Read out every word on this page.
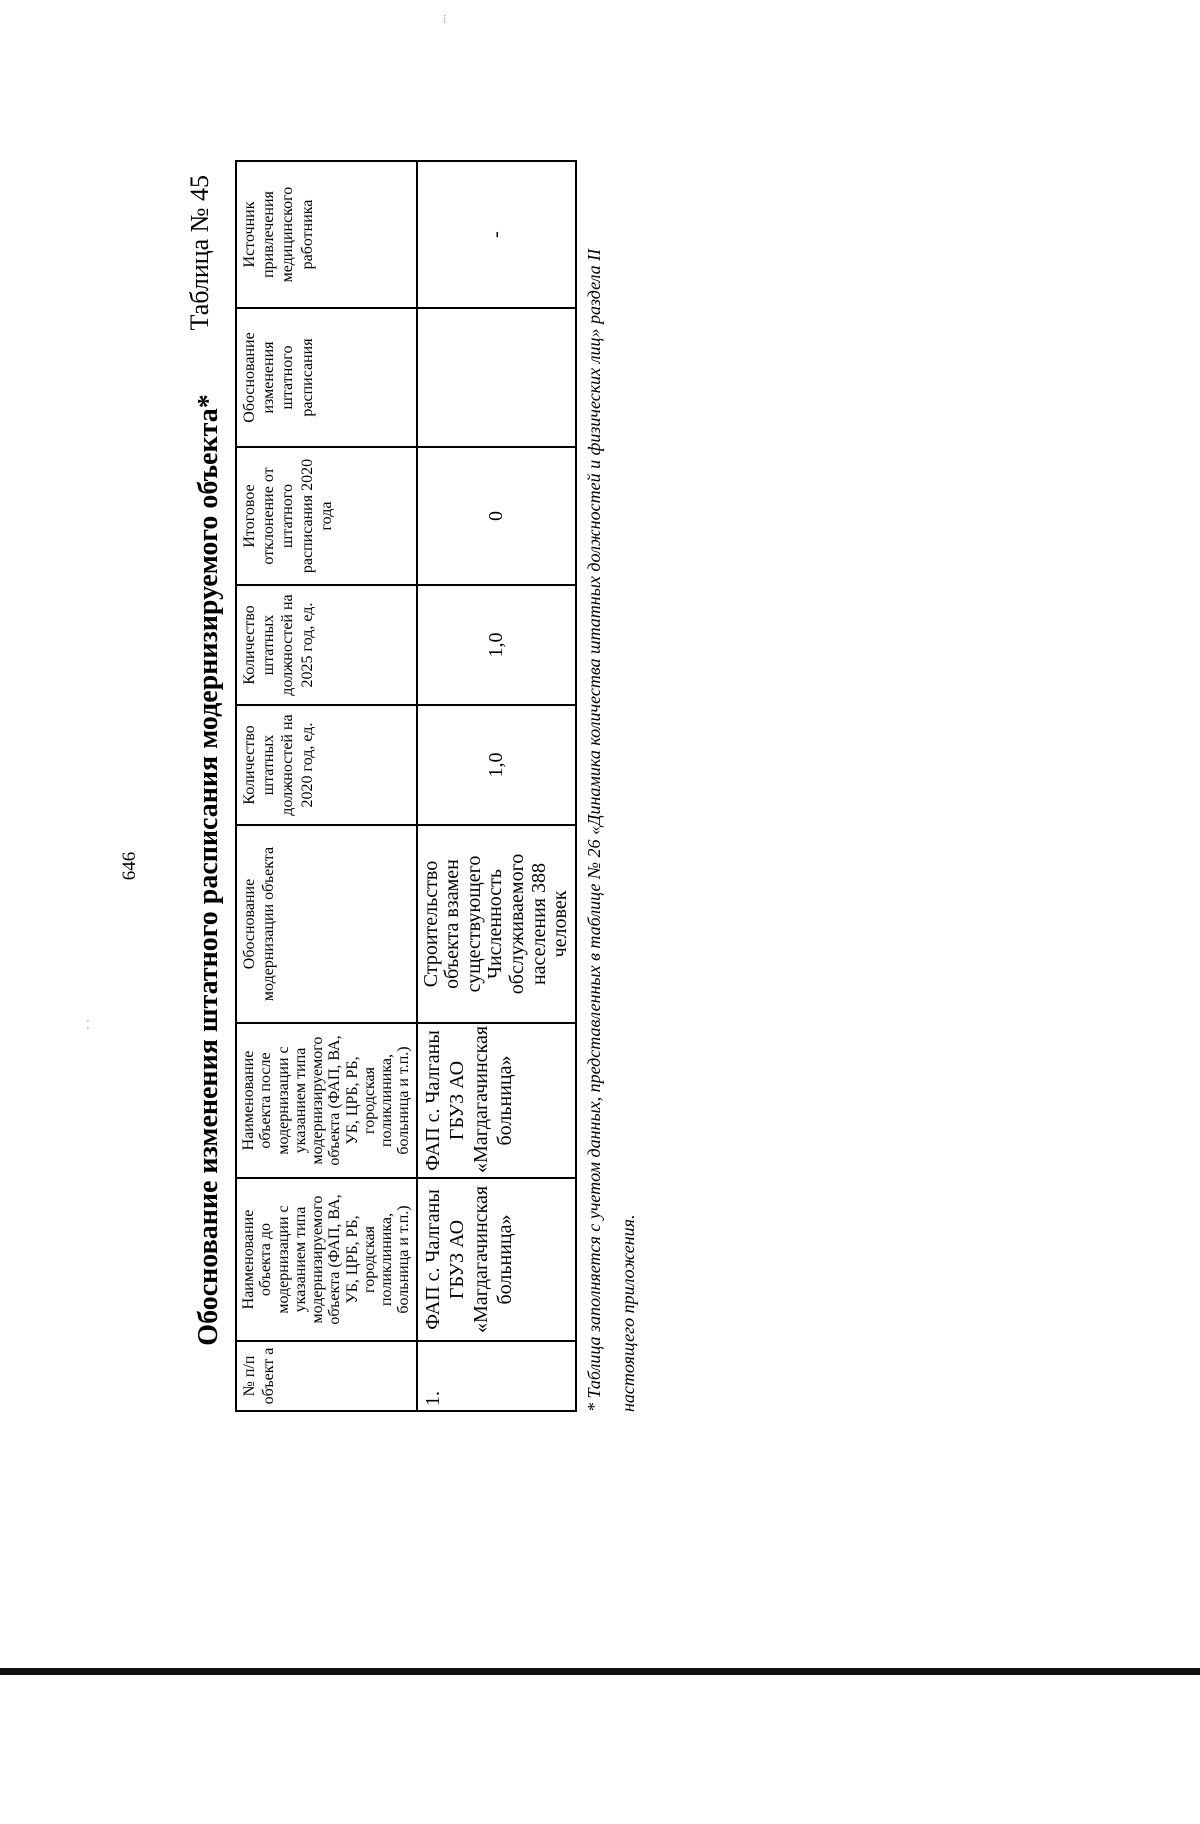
646
⁚
⁞
Таблица № 45
Обоснование изменения штатного расписания модернизируемого объекта*
№ п/п объект а	Наименование объекта до модернизации с указанием типа модернизируемого объекта (ФАП, ВА, УБ, ЦРБ, РБ, городская поликлиника, больница и т.п.)	Наименование объекта после модернизации с указанием типа модернизируемого объекта (ФАП, ВА, УБ, ЦРБ, РБ, городская поликлиника, больница и т.п.)	Обоснование модернизации объекта	Количество штатных должностей на 2020 год, ед.	Количество штатных должностей на 2025 год, ед.	Итоговое отклонение от штатного расписания 2020 года	Обоснование изменения штатного расписания	Источник привлечения медицинского работника
1.	ФАП с. Чалганы ГБУЗ АО «Магдагачинская больница»	ФАП с. Чалганы ГБУЗ АО «Магдагачинская больница»	Строительство объекта взамен существующего Численность обслуживаемого населения 388 человек	1,0	1,0	0		-
* Таблица заполняется с учетом данных, представленных в таблице № 26 «Динамика количества штатных должностей и физических лиц» раздела II настоящего приложения.
